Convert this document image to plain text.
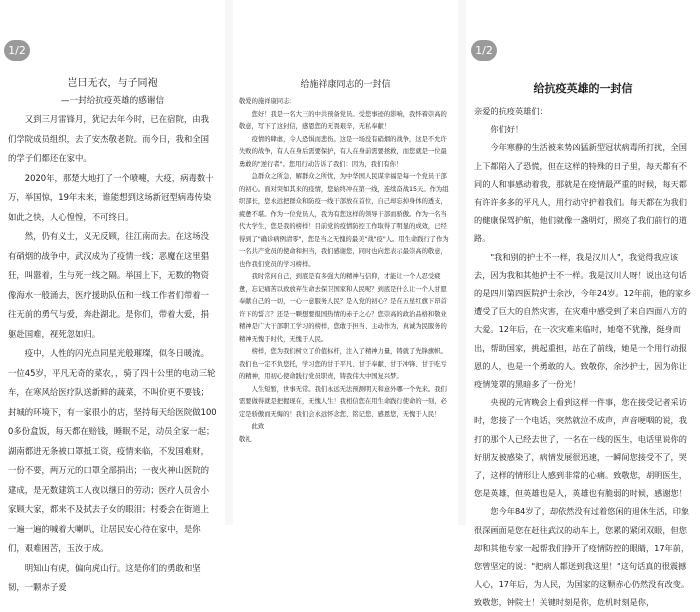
1/2

岂曰无衣，与子同袍

—一封给抗疫英雄的感谢信

又到三月雷锋月，犹记去年今时，已在宿院，由我们学院成员组织，去了安杰敬老院。而今日，我和全国的学子们都还在家中。

2020年，那楚大地打了一个喷嚏，大疫，病毒数十万，举国惊，19年末来，谁能想到这场新冠型病毒传染如此之快，人心惶惶，不可终日。

然，仍有义士，义无反顾，往江南而去。在这场没有硝烟的战争中，武汉成为了疫情一线；恶魔在这里猖狂，叫嚣着，生与死一线之隔。举国上下，无数的物资像海水一般涌去，医疗援助队伍和一线工作者们带着一往无前的勇气与爱，奔赴湖北。是你们，带着大爱，捐躯赴国难，视死忽如归。

疫中，人性的闪光点同星光般璀璨，似冬日暖流。一位45岁，平凡无奇的菜农，，骑了四十公里的电动三轮车，在寒风给医疗队送新鲜的蔬菜，不叫价更不要钱；封城的环境下，有一家很小的店，坚持每天给医院做1000多份盒饭，每天都在赔钱，睡眠不足，动员全家一起；湖南都进无条被口罩抵工资，疫情来临，不发国难财，一份不要，两万元的口罩全部捐出；一夜火神山医院的建成，是无数建筑工人夜以继日的劳动；医疗人员舍小家顾大家，都来不及拭去子女的眼泪；村委会在街道上一遍一遍的喊着大喇叭，让居民安心待在家中，是你们，艰难困苦，玉汝于成。

明知山有虎，偏向虎山行。这是你们的勇敢和坚韧，一颗赤子爱

给施祥康同志的一封信

敬爱的施祥康同志：

您好！我是一名大三的中共预备党员。受您事迹的影响，我怀着崇高的敬意，写下了这封信，感恩您的无畏艰辛，无私奉献！

疫情的肆虐，令人恐惧而悲伤。这是一场没有硝烟的战争，这是不允许失败的战争，有人在身后需要保护，有人在身前需要拯救，而您就是一位最勇敢的"逆行者"。您用行动告诉了我们：因为，我们有你！

急群众之所急，解群众之所忧，为中华国人民谋幸福是每一个党员干部的初心。面对突如其来的疫情，您始终冲在第一线，连续奋战15天。作为组织部长，您永远把群众和防疫一线干部放在首位，自己却忘掉身体的透支，疲惫不堪。作为一位党员人，我为有您这样的领导干部而骄傲。作为一名当代大学生，您是我的榜样！目前党的疫情防控工作取得了明显的成效，已经得到了"确诊病例清零"，您是当之无愧的最美"战"疫"人。用生命践行了作为一名共产党员的使命和担当，我们感谢您，同时也向您表示最崇高的敬意，也作我们党员的学习榜样。

我时常问自己，到底是有多强大的精神与信仰，才能让一个人忍受疲惫，忘记痛苦以致放弃生命去保卫国家和人民呢？到底是什么让一个人甘愿奉献自己的一切，一心一意服务人民？是入党的初心？是在五星红旗下昂首许下的誓言？还是一颗想要报国热情的赤子之心？您崇高的政治品格和敬业精神是广大干部职工学习的榜样，您敢于担当、主动作为，真诚为民服务的精神无愧于时代，无愧于人民。

榜样，您为我们树立了价值标杆，注入了精神力量，铸就了先锋旗帜。我们也一定不负您托，学习您的甘于平凡、甘于奉献、甘于冲锋、甘于吃亏的精神，用初心使命践行党员职责，铸我伟大中国复兴梦。

人生短暂，世事无常。我们永远无法预测明天和意外哪一个先来。我们需要做得就是把握现在，无愧人生！我相信您在用生命践行使命的一刻，必定是骄傲而无悔的！我们会永远怀念您、铭记您、感恩您，无愧于人民！

此致

敬礼

1/2

给抗疫英雄的一封信

亲爱的抗疫英雄们：

你们好！

今年寒静的生活被来势凶猛新型冠状病毒所打扰，全国上下都陷入了恐慌，但在这样的特殊的日子里，每天都有不同的人和事感动着我，那就是在疫情最严重的时候，每天都有许许多多的平凡人，用行动守护着我们。每天都在为我们的健康保驾护航，他们就像一盏明灯，照亮了我们前行的道路。

"我和别的护士不一样，我是汉川人"，我觉得我应该去，因为我和其他护士不一样。我是汉川人呀！说出这句话的是四川第四医院护士余沙，今年24岁。12年前，他的家乡遭受了巨大的自然灾害，在灾难中感受到了来自四面八方的大爱。12年后，在一次灾难来临时，她毫不犹豫，挺身而出，帮助国家，挑起重担，站在了前线，她是一个用行动报恩的人，也是一个勇敢的人。致敬你，余沙护士，因为你让疫情笼罩的黑暗多了一份光！

央视的元宵晚会上看到这样一件事，您在接受记者采访时，您接了一个电话，突然就泣不成声，声音哽咽的说，我打的那个人已经去世了，一名在一线的医生，电话里说你的好朋友被感染了，病情发展很迅速，一瞬间您接受不了，哭了，这样的情形让人感到非常的心痛。致敬您，胡明医生，您是英雄，但英雄也是人，英雄也有脆弱的时候，感谢您！

您今年84岁了，却依然没有过着悠闲的退休生活，印象很深画面是您在赶往武汉的动车上，您累的紧闭双眼，但您却和其他专家一起帮我们挣开了疫情防控的眼睛，17年前，您曾坚定的说："把病人都送到我这里！"这句话真的很震撼人心，17年后，为人民，为国家的这颗赤心仍然没有改变。致敬您，钟院士！关键时刻是你，危机时刻是你，
